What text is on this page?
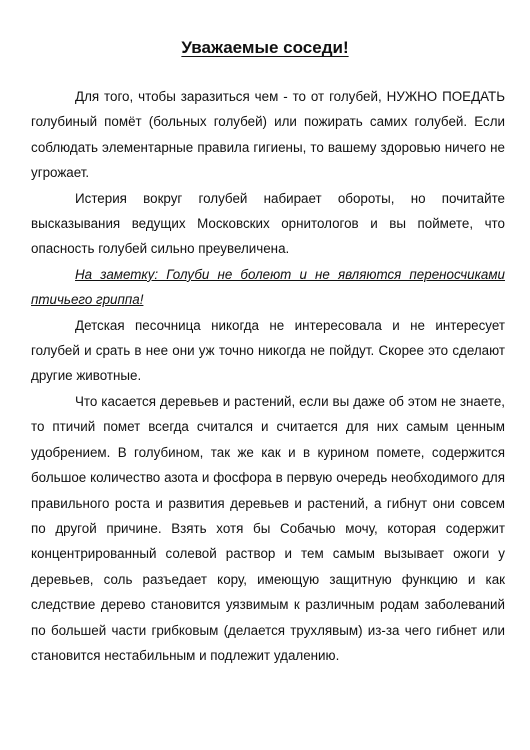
Уважаемые соседи!

Для того, чтобы заразиться чем - то от голубей, НУЖНО ПОЕДАТЬ голубиный помёт (больных голубей) или пожирать самих голубей. Если соблюдать элементарные правила гигиены, то вашему здоровью ничего не угрожает.

Истерия вокруг голубей набирает обороты, но почитайте высказывания ведущих Московских орнитологов и вы поймете, что опасность голубей сильно преувеличена.

На заметку: Голуби не болеют и не являются переносчиками птичьего гриппа!

Детская песочница никогда не интересовала и не интересует голубей и срать в нее они уж точно никогда не пойдут. Скорее это сделают другие животные.

Что касается деревьев и растений, если вы даже об этом не знаете, то птичий помет всегда считался и считается для них самым ценным удобрением. В голубином, так же как и в курином помете, содержится большое количество азота и фосфора в первую очередь необходимого для правильного роста и развития деревьев и растений, а гибнут они совсем по другой причине. Взять хотя бы Собачью мочу, которая содержит концентрированный солевой раствор и тем самым вызывает ожоги у деревьев, соль разъедает кору, имеющую защитную функцию и как следствие дерево становится уязвимым к различным родам заболеваний по большей части грибковым (делается трухлявым) из-за чего гибнет или становится нестабильным и подлежит удалению.
